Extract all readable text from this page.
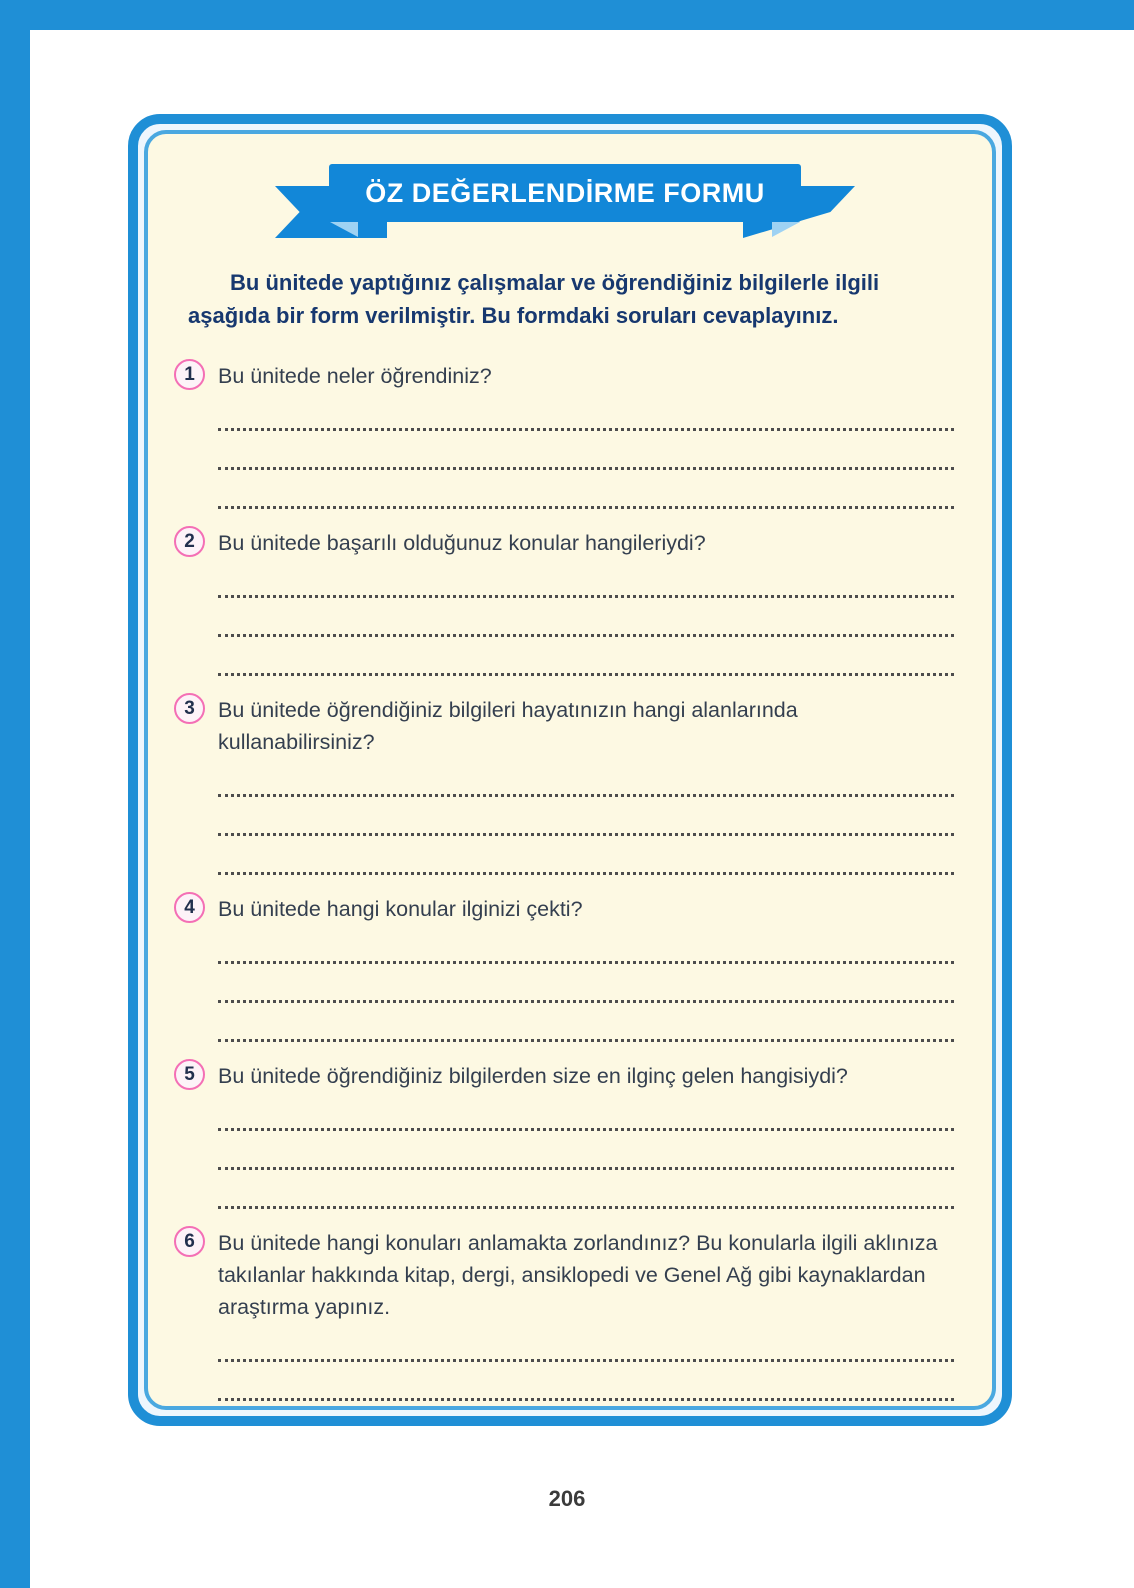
ÖZ DEĞERLENDİRME FORMU

Bu ünitede yaptığınız çalışmalar ve öğrendiğiniz bilgilerle ilgili aşağıda bir form verilmiştir. Bu formdaki soruları cevaplayınız.

1 Bu ünitede neler öğrendiniz?
2 Bu ünitede başarılı olduğunuz konular hangileriydi?
3 Bu ünitede öğrendiğiniz bilgileri hayatınızın hangi alanlarında kullanabilirsiniz?
4 Bu ünitede hangi konular ilginizi çekti?
5 Bu ünitede öğrendiğiniz bilgilerden size en ilginç gelen hangisiydi?
6 Bu ünitede hangi konuları anlamakta zorlandınız? Bu konularla ilgili aklınıza takılanlar hakkında kitap, dergi, ansiklopedi ve Genel Ağ gibi kaynaklardan araştırma yapınız.
206
